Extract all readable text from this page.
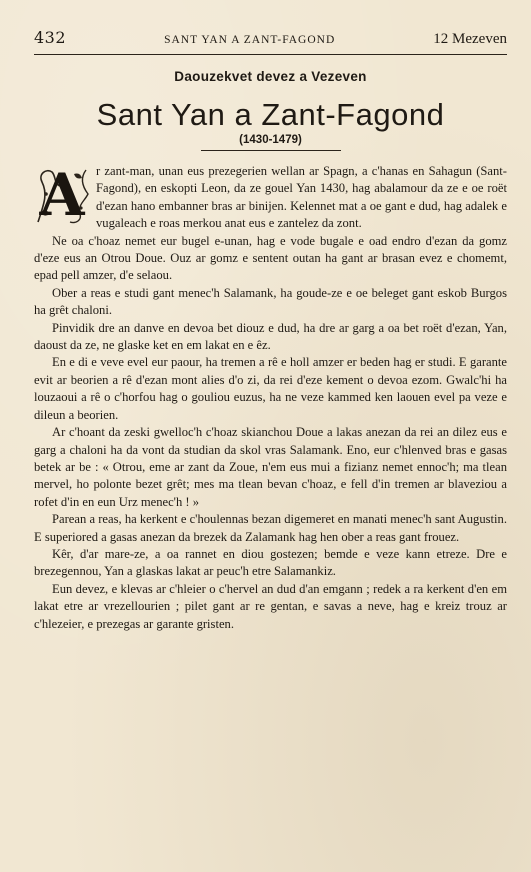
432	SANT YAN A ZANT-FAGOND	12 Mezeven
Daouzekvet devez a Vezeven
Sant Yan a Zant-Fagond
(1430-1479)

A r zant-man, unan eus prezegerien wellan ar Spagn, a c'hanas en Sahagun (Sant-Fagond), en eskopti Leon, da ze gouel Yan 1430, hag abalamour da ze e oe roët d'ezan hano embanner bras ar binijen. Kelennet mat a oe gant e dud, hag adalek e vugaleach e roas merkou anat eus e zantelez da zont.

Ne oa c'hoaz nemet eur bugel e-unan, hag e vode bugale e oad endro d'ezan da gomz d'eze eus an Otrou Doue. Ouz ar gomz e sentent outan ha gant ar brasan evez e chomemt, epad pell amzer, d'e selaou.

Ober a reas e studi gant menec'h Salamank, ha goude-ze e oe beleget gant eskob Burgos ha grêt chaloni.

Pinvidik dre an danve en devoa bet diouz e dud, ha dre ar garg a oa bet roët d'ezan, Yan, daoust da ze, ne glaske ket en em lakat en e êz.

En e di e veve evel eur paour, ha tremen a rê e holl amzer er beden hag er studi. E garante evit ar beorien a rê d'ezan mont alies d'o zi, da rei d'eze kement o devoa ezom. Gwalc'hi ha louzaoui a rê o c'horfou hag o gouliou euzus, ha ne veze kammed ken laouen evel pa veze e dileun a beorien.

Ar c'hoant da zeski gwelloc'h c'hoaz skianchou Doue a lakas anezan da rei an dilez eus e garg a chaloni ha da vont da studian da skol vras Salamank. Eno, eur c'hlenved bras e gasas betek ar be : « Otrou, eme ar zant da Zoue, n'em eus mui a fizianz nemet ennoc'h; ma tlean mervel, ho polonte bezet grêt; mes ma tlean bevan c'hoaz, e fell d'in tremen ar blaveziou a rofet d'in en eun Urz menec'h ! »

Parean a reas, ha kerkent e c'houlennas bezan digemeret en manati menec'h sant Augustin. E superiored a gasas anezan da brezek da Zalamank hag hen ober a reas gant frouez.

Kêr, d'ar mare-ze, a oa rannet en diou gostezen; bemde e veze kann etreze. Dre e brezegennou, Yan a glaskas lakat ar peuc'h etre Salamankiz.

Eun devez, e klevas ar c'hleier o c'hervel an dud d'an emgann ; redek a ra kerkent d'en em lakat etre ar vrezellourien ; pilet gant ar re gentan, e savas a neve, hag e kreiz trouz ar c'hlezeier, e prezegas ar garante gristen.
